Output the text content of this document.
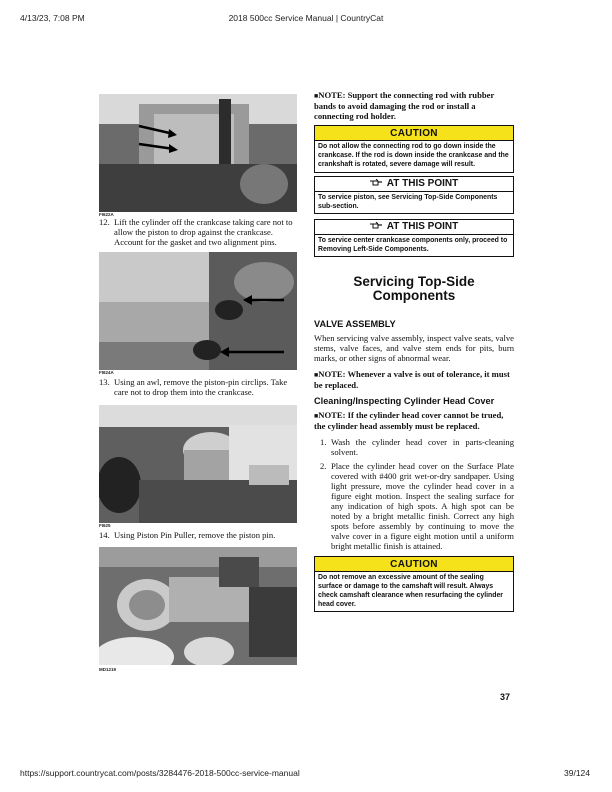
4/13/23, 7:08 PM	2018 500cc Service Manual | CountryCat
FI622A
12. Lift the cylinder off the crankcase taking care not to allow the piston to drop against the crankcase. Account for the gasket and two alignment pins.
FI624A
13. Using an awl, remove the piston-pin circlips. Take care not to drop them into the crankcase.
FI625
14. Using Piston Pin Puller, remove the piston pin.
MD1219
■NOTE: Support the connecting rod with rubber bands to avoid damaging the rod or install a connecting rod holder.
CAUTION
Do not allow the connecting rod to go down inside the crankcase. If the rod is down inside the crankcase and the crankshaft is rotated, severe damage will result.
AT THIS POINT
To service piston, see Servicing Top-Side Components sub-section.
AT THIS POINT
To service center crankcase components only, proceed to Removing Left-Side Components.
Servicing Top-Side
Components
VALVE ASSEMBLY
When servicing valve assembly, inspect valve seats, valve stems, valve faces, and valve stem ends for pits, burn marks, or other signs of abnormal wear.
■NOTE: Whenever a valve is out of tolerance, it must be replaced.
Cleaning/Inspecting Cylinder Head Cover
■NOTE: If the cylinder head cover cannot be trued, the cylinder head assembly must be replaced.
1. Wash the cylinder head cover in parts-cleaning solvent.
2. Place the cylinder head cover on the Surface Plate covered with #400 grit wet-or-dry sandpaper. Using light pressure, move the cylinder head cover in a figure eight motion. Inspect the sealing surface for any indication of high spots. A high spot can be noted by a bright metallic finish. Correct any high spots before assembly by continuing to move the valve cover in a figure eight motion until a uniform bright metallic finish is attained.
CAUTION
Do not remove an excessive amount of the sealing surface or damage to the camshaft will result. Always check camshaft clearance when resurfacing the cylinder head cover.
37
https://support.countrycat.com/posts/3284476-2018-500cc-service-manual	39/124
